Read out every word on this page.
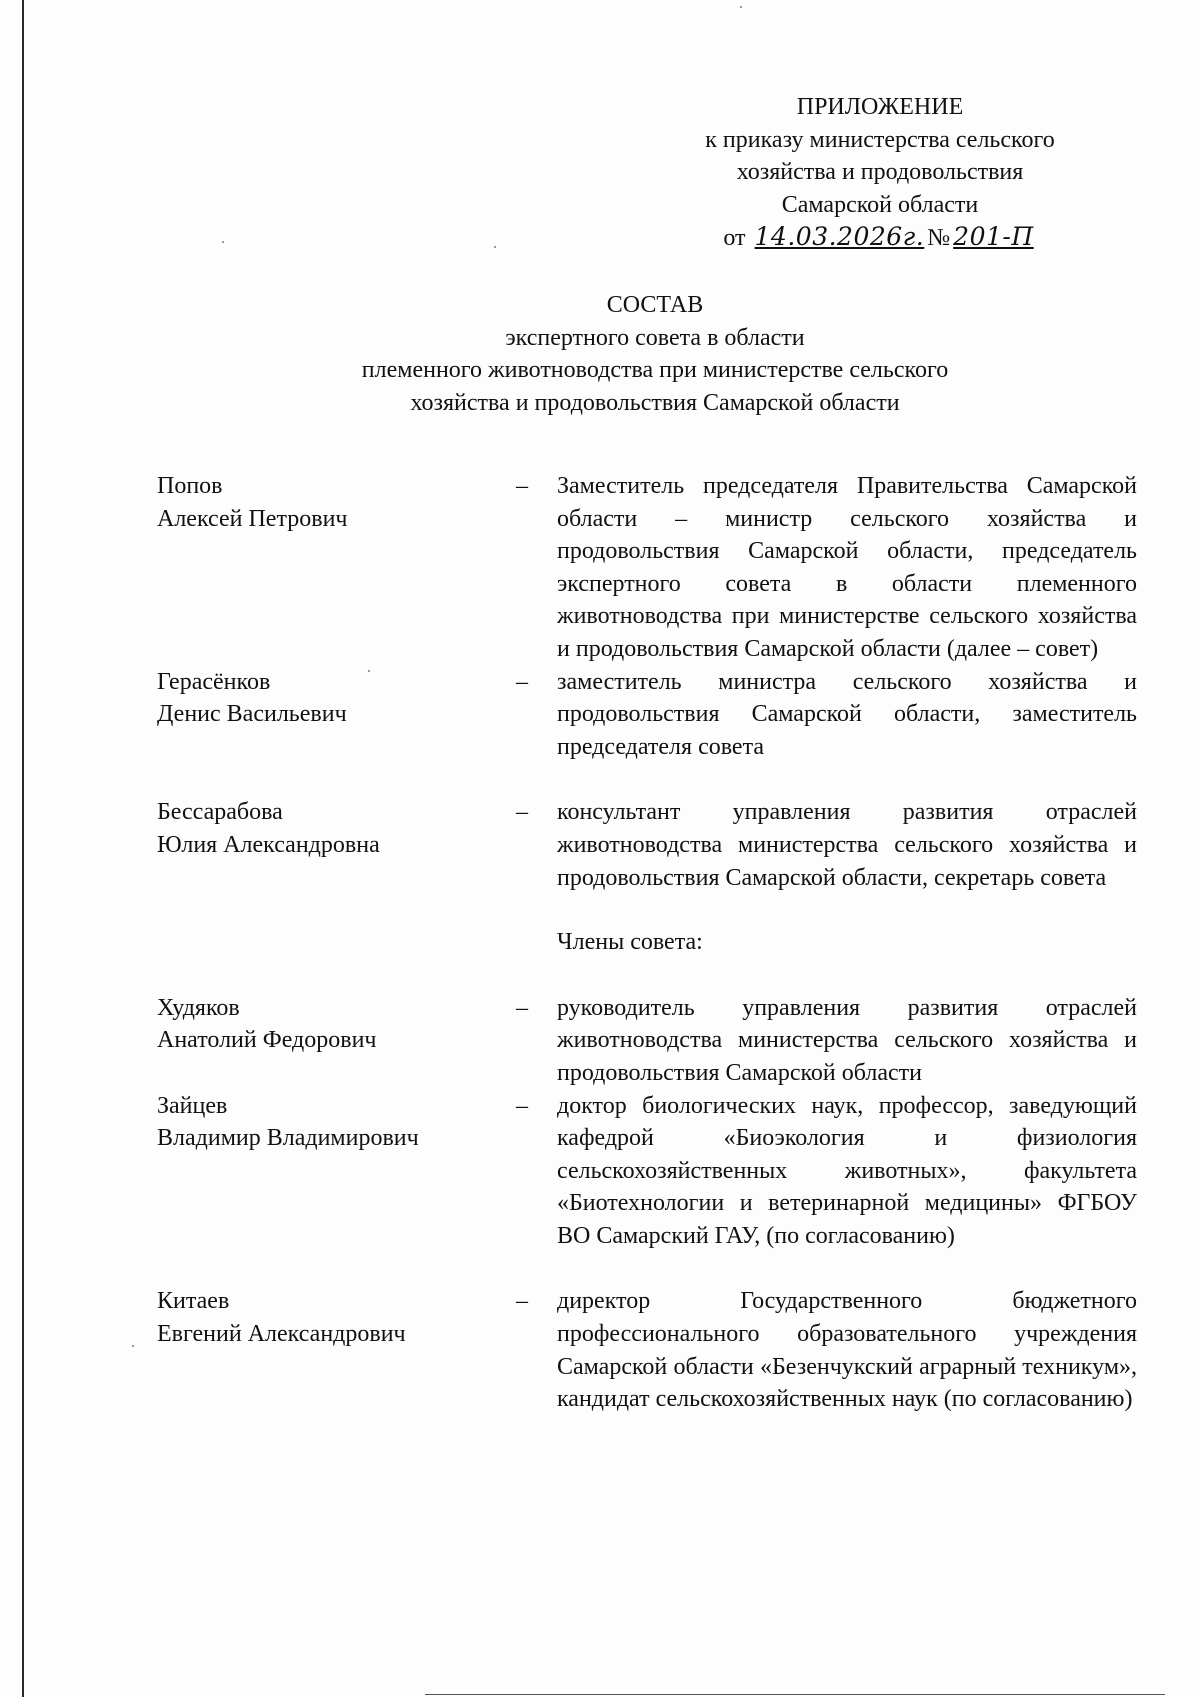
ПРИЛОЖЕНИЕ
к приказу министерства сельского
хозяйства и продовольствия
Самарской области
от 14.03.2026г. № 201-П
СОСТАВ
экспертного совета в области
племенного животноводства при министерстве сельского
хозяйства и продовольствия Самарской области
Попов
Алексей Петрович
–	Заместитель председателя Правительства Самарской области – министр сельского хозяйства и продовольствия Самарской области, председатель экспертного совета в области племенного животноводства при министерстве сельского хозяйства и продовольствия Самарской области (далее – совет)
Герасёнков
Денис Васильевич
–	заместитель министра сельского хозяйства и продовольствия Самарской области, заместитель председателя совета
Бессарабова
Юлия Александровна
–	консультант управления развития отраслей животноводства министерства сельского хозяйства и продовольствия Самарской области, секретарь совета
Члены совета:
Худяков
Анатолий Федорович
–	руководитель управления развития отраслей животноводства министерства сельского хозяйства и продовольствия Самарской области
Зайцев
Владимир Владимирович
–	доктор биологических наук, профессор, заведующий кафедрой «Биоэкология и физиология сельскохозяйственных животных», факультета «Биотехнологии и ветеринарной медицины» ФГБОУ ВО Самарский ГАУ, (по согласованию)
Китаев
Евгений Александрович
–	директор Государственного бюджетного профессионального образовательного учреждения Самарской области «Безенчукский аграрный техникум», кандидат сельскохозяйственных наук (по согласованию)
